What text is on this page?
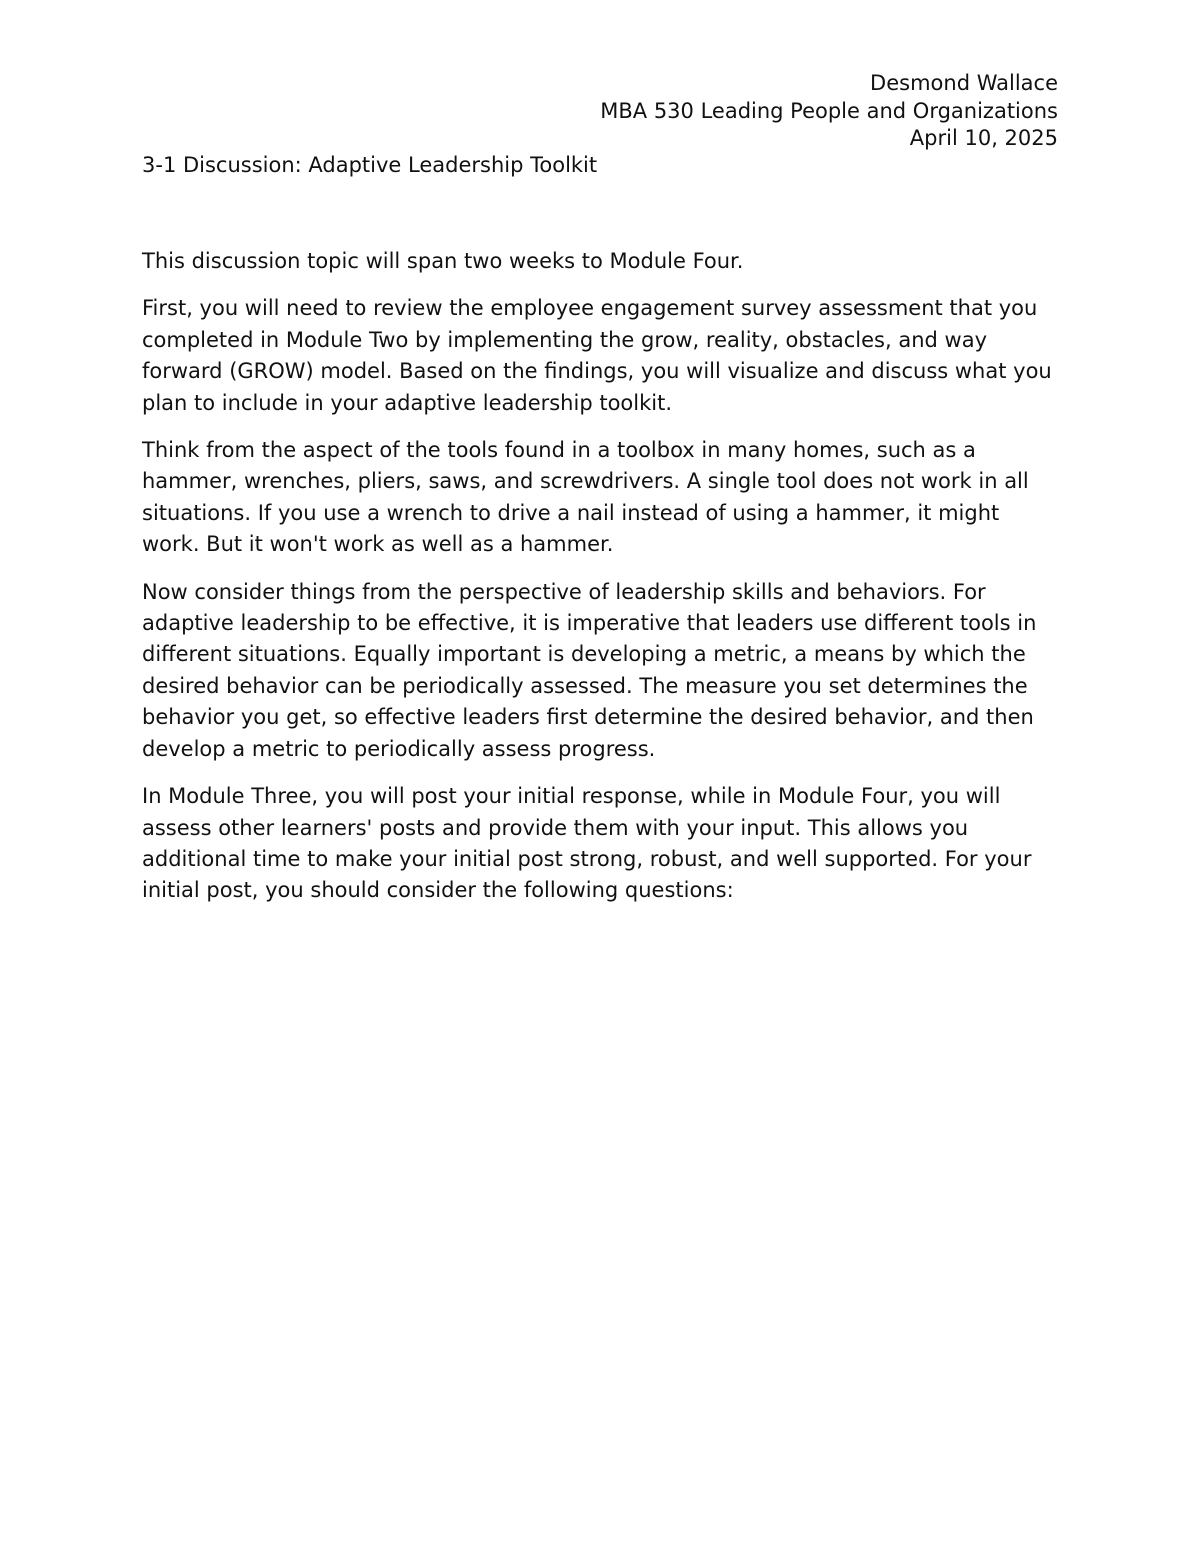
Desmond Wallace
MBA 530 Leading People and Organizations
April 10, 2025
3-1 Discussion: Adaptive Leadership Toolkit

This discussion topic will span two weeks to Module Four.

First, you will need to review the employee engagement survey assessment that you completed in Module Two by implementing the grow, reality, obstacles, and way forward (GROW) model. Based on the findings, you will visualize and discuss what you plan to include in your adaptive leadership toolkit.

Think from the aspect of the tools found in a toolbox in many homes, such as a hammer, wrenches, pliers, saws, and screwdrivers. A single tool does not work in all situations. If you use a wrench to drive a nail instead of using a hammer, it might work. But it won't work as well as a hammer.

Now consider things from the perspective of leadership skills and behaviors. For adaptive leadership to be effective, it is imperative that leaders use different tools in different situations. Equally important is developing a metric, a means by which the desired behavior can be periodically assessed. The measure you set determines the behavior you get, so effective leaders first determine the desired behavior, and then develop a metric to periodically assess progress.

In Module Three, you will post your initial response, while in Module Four, you will assess other learners' posts and provide them with your input. This allows you additional time to make your initial post strong, robust, and well supported. For your initial post, you should consider the following questions:
